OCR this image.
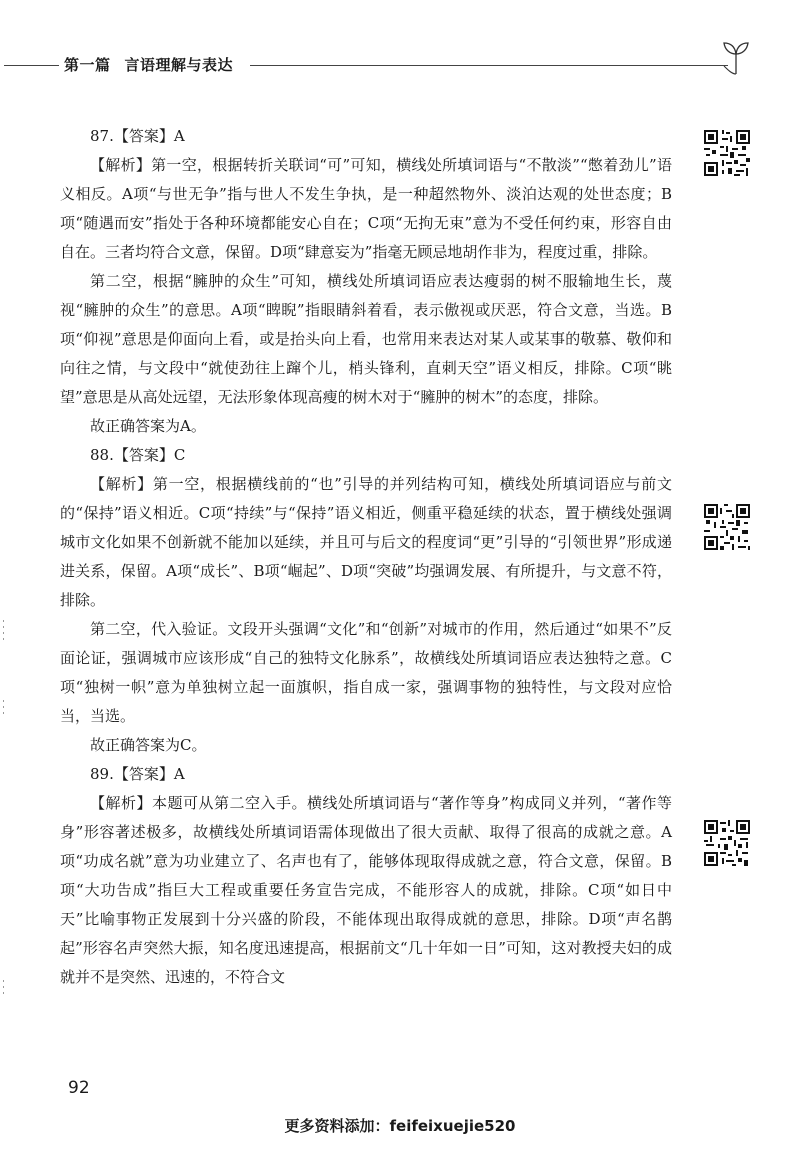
第一篇 言语理解与表达

87.【答案】A

【解析】第一空，根据转折关联词“可”可知，横线处所填词语与“不散淡”“憋着劲儿”语义相反。A项“与世无争”指与世人不发生争执，是一种超然物外、淡泊达观的处世态度；B项“随遇而安”指处于各种环境都能安心自在；C项“无拘无束”意为不受任何约束，形容自由自在。三者均符合文意，保留。D项“肆意妄为”指毫无顾忌地胡作非为，程度过重，排除。

第二空，根据“臃肿的众生”可知，横线处所填词语应表达瘦弱的树不服输地生长，蔑视“臃肿的众生”的意思。A项“睥睨”指眼睛斜着看，表示傲视或厌恶，符合文意，当选。B项“仰视”意思是仰面向上看，或是抬头向上看，也常用来表达对某人或某事的敬慕、敬仰和向往之情，与文段中“就使劲往上蹿个儿，梢头锋利，直刺天空”语义相反，排除。C项“眺望”意思是从高处远望，无法形象体现高瘦的树木对于“臃肿的树木”的态度，排除。

故正确答案为A。

88.【答案】C

【解析】第一空，根据横线前的“也”引导的并列结构可知，横线处所填词语应与前文的“保持”语义相近。C项“持续”与“保持”语义相近，侧重平稳延续的状态，置于横线处强调城市文化如果不创新就不能加以延续，并且可与后文的程度词“更”引导的“引领世界”形成递进关系，保留。A项“成长”、B项“崛起”、D项“突破”均强调发展、有所提升，与文意不符，排除。

第二空，代入验证。文段开头强调“文化”和“创新”对城市的作用，然后通过“如果不”反面论证，强调城市应该形成“自己的独特文化脉系”，故横线处所填词语应表达独特之意。C项“独树一帜”意为单独树立起一面旗帜，指自成一家，强调事物的独特性，与文段对应恰当，当选。

故正确答案为C。

89.【答案】A

【解析】本题可从第二空入手。横线处所填词语与“著作等身”构成同义并列，“著作等身”形容著述极多，故横线处所填词语需体现做出了很大贡献、取得了很高的成就之意。A项“功成名就”意为功业建立了、名声也有了，能够体现取得成就之意，符合文意，保留。B项“大功告成”指巨大工程或重要任务宣告完成，不能形容人的成就，排除。C项“如日中天”比喻事物正发展到十分兴盛的阶段，不能体现出取得成就的意思，排除。D项“声名鹊起”形容名声突然大振，知名度迅速提高，根据前文“几十年如一日”可知，这对教授夫妇的成就并不是突然、迅速的，不符合文

92
更多资料添加：feifeixuejie520
